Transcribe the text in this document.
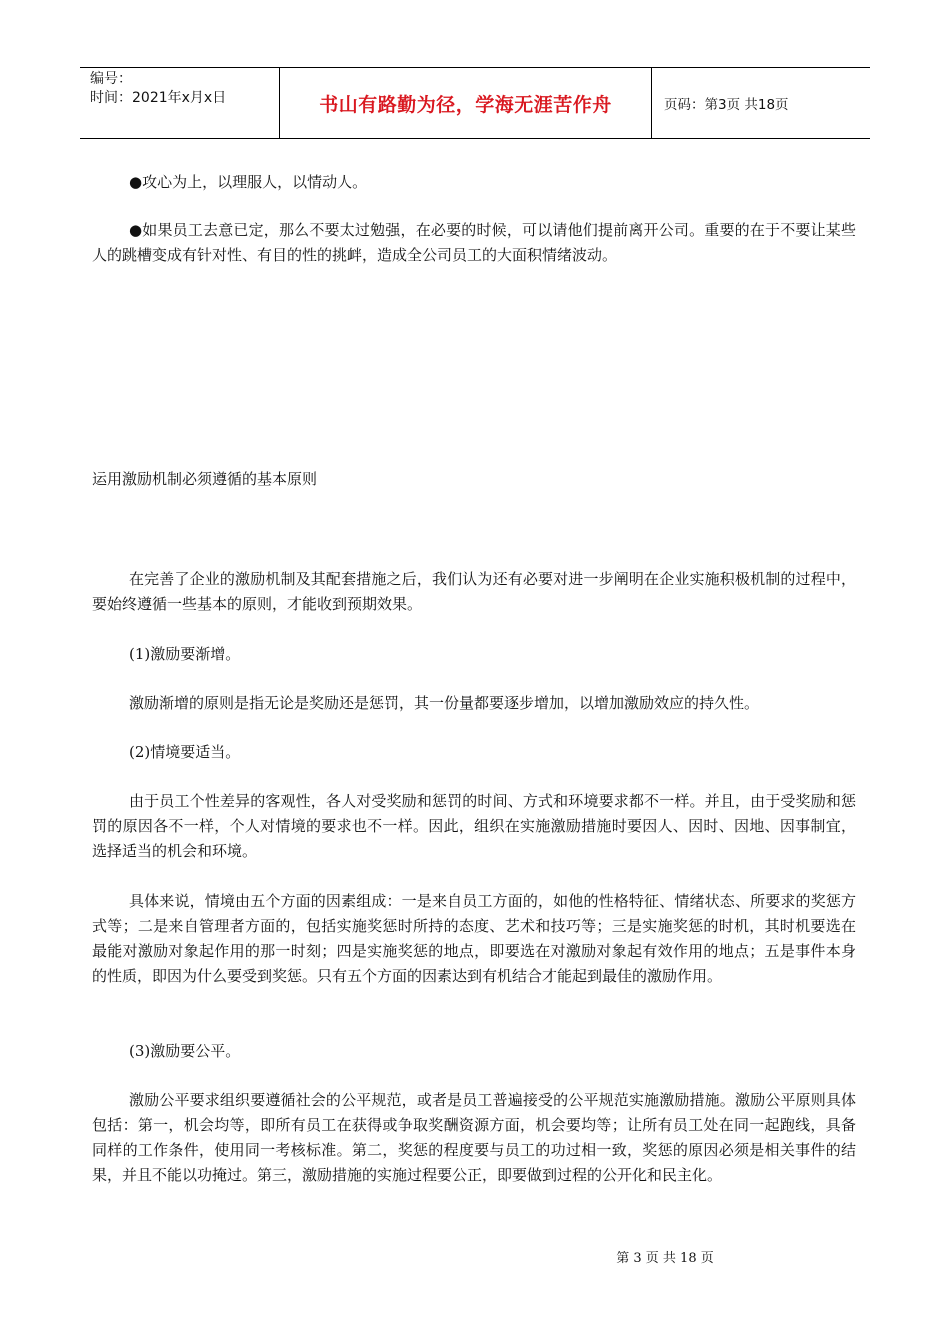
编号：
时间：2021年x月x日	书山有路勤为径，学海无涯苦作舟	页码：第3页 共18页

●攻心为上，以理服人，以情动人。

●如果员工去意已定，那么不要太过勉强，在必要的时候，可以请他们提前离开公司。重要的在于不要让某些人的跳槽变成有针对性、有目的性的挑衅，造成全公司员工的大面积情绪波动。

运用激励机制必须遵循的基本原则

在完善了企业的激励机制及其配套措施之后，我们认为还有必要对进一步阐明在企业实施积极机制的过程中，要始终遵循一些基本的原则，才能收到预期效果。

(1)激励要渐增。

激励渐增的原则是指无论是奖励还是惩罚，其一份量都要逐步增加，以增加激励效应的持久性。

(2)情境要适当。

由于员工个性差异的客观性，各人对受奖励和惩罚的时间、方式和环境要求都不一样。并且，由于受奖励和惩罚的原因各不一样，个人对情境的要求也不一样。因此，组织在实施激励措施时要因人、因时、因地、因事制宜，选择适当的机会和环境。

具体来说，情境由五个方面的因素组成：一是来自员工方面的，如他的性格特征、情绪状态、所要求的奖惩方式等；二是来自管理者方面的，包括实施奖惩时所持的态度、艺术和技巧等；三是实施奖惩的时机，其时机要选在最能对激励对象起作用的那一时刻；四是实施奖惩的地点，即要选在对激励对象起有效作用的地点；五是事件本身的性质，即因为什么要受到奖惩。只有五个方面的因素达到有机结合才能起到最佳的激励作用。

(3)激励要公平。

激励公平要求组织要遵循社会的公平规范，或者是员工普遍接受的公平规范实施激励措施。激励公平原则具体包括：第一，机会均等，即所有员工在获得或争取奖酬资源方面，机会要均等；让所有员工处在同一起跑线，具备同样的工作条件，使用同一考核标准。第二，奖惩的程度要与员工的功过相一致，奖惩的原因必须是相关事件的结果，并且不能以功掩过。第三，激励措施的实施过程要公正，即要做到过程的公开化和民主化。

第 3 页 共 18 页
